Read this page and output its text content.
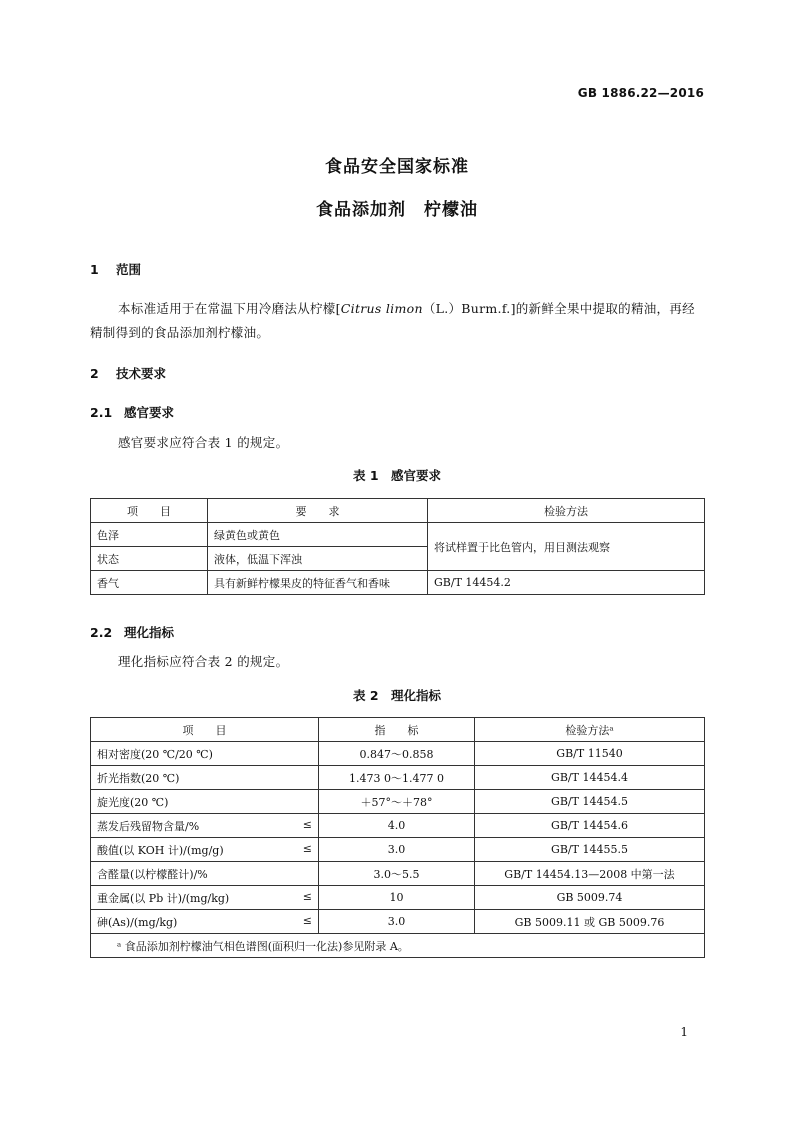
GB 1886.22—2016
食品安全国家标准
食品添加剂　柠檬油
1 范围
本标准适用于在常温下用冷磨法从柠檬[Citrus limon（L.）Burm.f.]的新鲜全果中提取的精油，再经精制得到的食品添加剂柠檬油。
2 技术要求
2.1 感官要求
感官要求应符合表 1 的规定。
表 1　感官要求
项　　目	要　　求	检验方法
色泽	绿黄色或黄色	将试样置于比色管内，用目测法观察
状态	液体，低温下浑浊	
香气	具有新鲜柠檬果皮的特征香气和香味	GB/T 14454.2
2.2 理化指标
理化指标应符合表 2 的规定。
表 2　理化指标
项　　目	指　　标	检验方法ᵃ
相对密度(20 ℃/20 ℃)	0.847～0.858	GB/T 11540
折光指数(20 ℃)	1.473 0～1.477 0	GB/T 14454.4
旋光度(20 ℃)	＋57°～＋78°	GB/T 14454.5
蒸发后残留物含量/% ≤	4.0	GB/T 14454.6
酸值(以 KOH 计)/(mg/g) ≤	3.0	GB/T 14455.5
含醛量(以柠檬醛计)/%	3.0～5.5	GB/T 14454.13—2008 中第一法
重金属(以 Pb 计)/(mg/kg) ≤	10	GB 5009.74
砷(As)/(mg/kg) ≤	3.0	GB 5009.11 或 GB 5009.76
ᵃ 食品添加剂柠檬油气相色谱图(面积归一化法)参见附录 A。		
1
